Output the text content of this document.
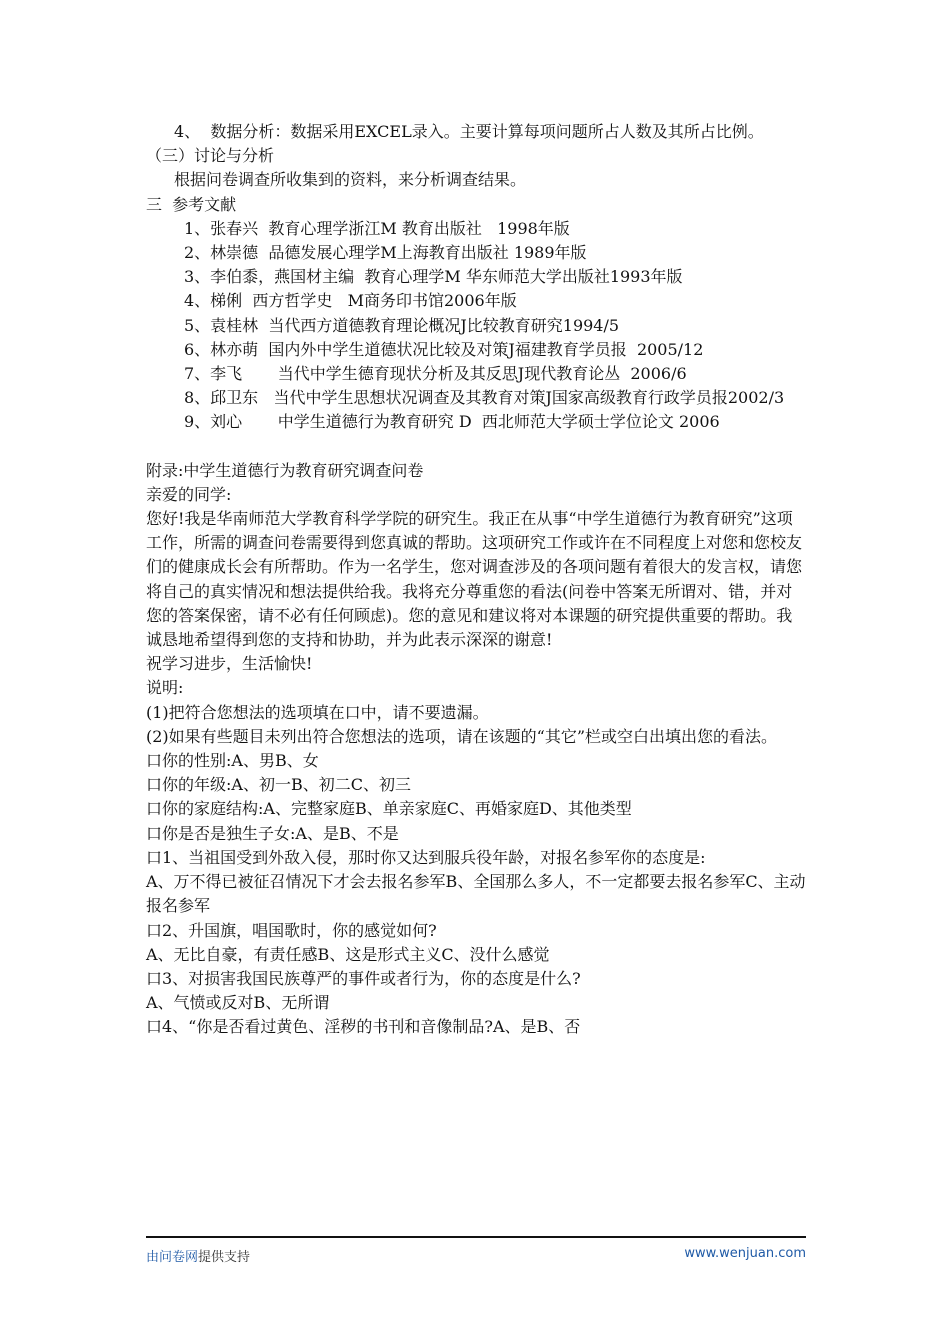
4、  数据分析：数据采用EXCEL录入。主要计算每项问题所占人数及其所占比例。

（三）讨论与分析

根据问卷调查所收集到的资料，来分析调查结果。

三  参考文献

1、张春兴  教育心理学浙江M 教育出版社   1998年版

2、林崇德  品德发展心理学M上海教育出版社 1989年版

3、李伯黍，燕国材主编  教育心理学M 华东师范大学出版社1993年版

4、梯俐  西方哲学史   M商务印书馆2006年版

5、袁桂林  当代西方道德教育理论概况J比较教育研究1994/5

6、林亦萌  国内外中学生道德状况比较及对策J福建教育学员报  2005/12

7、李飞       当代中学生德育现状分析及其反思J现代教育论丛  2006/6

8、邱卫东   当代中学生思想状况调查及其教育对策J国家高级教育行政学员报2002/3

9、刘心       中学生道德行为教育研究 D  西北师范大学硕士学位论文 2006

附录:中学生道德行为教育研究调查问卷

亲爱的同学:

您好!我是华南师范大学教育科学学院的研究生。我正在从事“中学生道德行为教育研究”这项工作，所需的调查问卷需要得到您真诚的帮助。这项研究工作或许在不同程度上对您和您校友们的健康成长会有所帮助。作为一名学生，您对调查涉及的各项问题有着很大的发言权，请您将自己的真实情况和想法提供给我。我将充分尊重您的看法(问卷中答案无所谓对、错，并对您的答案保密，请不必有任何顾虑)。您的意见和建议将对本课题的研究提供重要的帮助。我诚恳地希望得到您的支持和协助，并为此表示深深的谢意!

祝学习进步，生活愉快!

说明:

(1)把符合您想法的选项填在口中，请不要遗漏。

(2)如果有些题目未列出符合您想法的选项，请在该题的“其它”栏或空白出填出您的看法。

口你的性别:A、男B、女

口你的年级:A、初一B、初二C、初三

口你的家庭结构:A、完整家庭B、单亲家庭C、再婚家庭D、其他类型

口你是否是独生子女:A、是B、不是

口1、当祖国受到外敌入侵，那时你又达到服兵役年龄，对报名参军你的态度是:

A、万不得已被征召情况下才会去报名参军B、全国那么多人，不一定都要去报名参军C、主动报名参军

口2、升国旗，唱国歌时，你的感觉如何?

A、无比自豪，有责任感B、这是形式主义C、没什么感觉

口3、对损害我国民族尊严的事件或者行为，你的态度是什么?

A、气愤或反对B、无所谓

口4、“你是否看过黄色、淫秽的书刊和音像制品?A、是B、否

由问卷网提供支持	www.wenjuan.com
